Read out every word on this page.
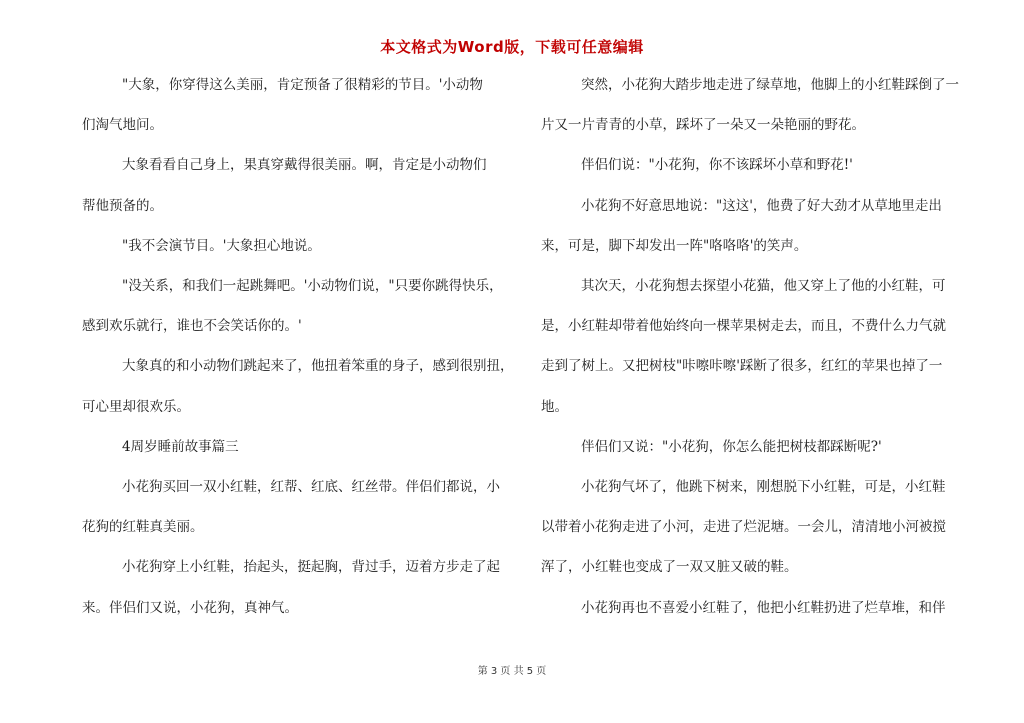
本文格式为Word版，下载可任意编辑
"大象，你穿得这么美丽，肯定预备了很精彩的节目。'小动物
们淘气地问。
大象看看自己身上，果真穿戴得很美丽。啊，肯定是小动物们
帮他预备的。
"我不会演节目。'大象担心地说。
"没关系，和我们一起跳舞吧。'小动物们说，"只要你跳得快乐，
感到欢乐就行，谁也不会笑话你的。'
大象真的和小动物们跳起来了，他扭着笨重的身子，感到很别扭，
可心里却很欢乐。
4周岁睡前故事篇三
小花狗买回一双小红鞋，红帮、红底、红丝带。伴侣们都说，小
花狗的红鞋真美丽。
小花狗穿上小红鞋，抬起头，挺起胸，背过手，迈着方步走了起
来。伴侣们又说，小花狗，真神气。
突然，小花狗大踏步地走进了绿草地，他脚上的小红鞋踩倒了一
片又一片青青的小草，踩坏了一朵又一朵艳丽的野花。
伴侣们说："小花狗，你不该踩坏小草和野花!'
小花狗不好意思地说："这这'，他费了好大劲才从草地里走出
来，可是，脚下却发出一阵"咯咯咯'的笑声。
其次天，小花狗想去探望小花猫，他又穿上了他的小红鞋，可
是，小红鞋却带着他始终向一棵苹果树走去，而且，不费什么力气就
走到了树上。又把树枝"咔嚓咔嚓'踩断了很多，红红的苹果也掉了一
地。
伴侣们又说："小花狗，你怎么能把树枝都踩断呢?'
小花狗气坏了，他跳下树来，刚想脱下小红鞋，可是，小红鞋
以带着小花狗走进了小河，走进了烂泥塘。一会儿，清清地小河被搅
浑了，小红鞋也变成了一双又脏又破的鞋。
小花狗再也不喜爱小红鞋了，他把小红鞋扔进了烂草堆，和伴
第 3 页 共 5 页
